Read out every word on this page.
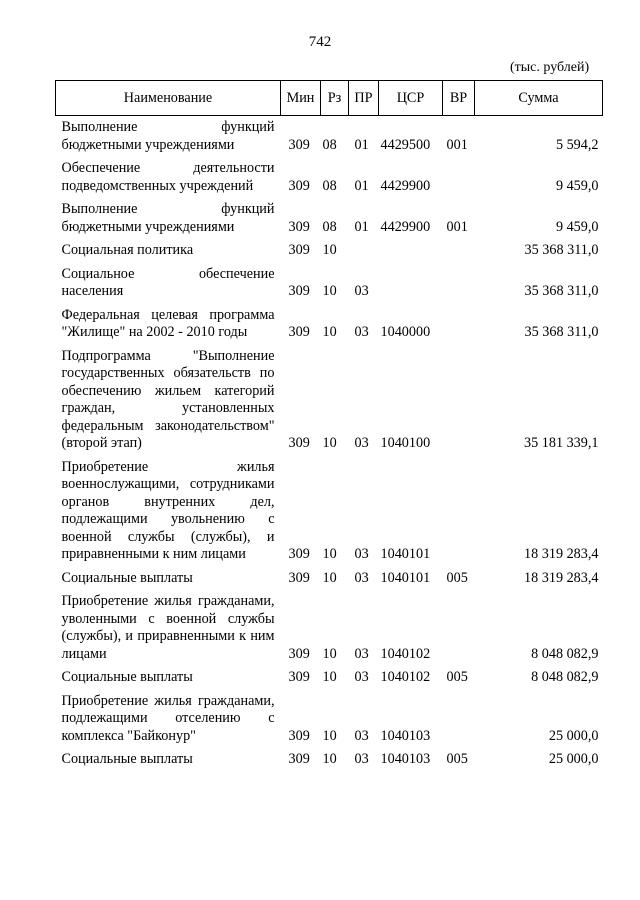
742
(тыс. рублей)
Наименование	Мин	Рз	ПР	ЦСР	ВР	Сумма
Выполнение функций бюджетными учреждениями	309	08	01	4429500	001	5 594,2
Обеспечение деятельности подведомственных учреждений	309	08	01	4429900		9 459,0
Выполнение функций бюджетными учреждениями	309	08	01	4429900	001	9 459,0
Социальная политика	309	10				35 368 311,0
Социальное обеспечение населения	309	10	03			35 368 311,0
Федеральная целевая программа "Жилище" на 2002 - 2010 годы	309	10	03	1040000		35 368 311,0
Подпрограмма "Выполнение государственных обязательств по обеспечению жильем категорий граждан, установленных федеральным законодательством" (второй этап)	309	10	03	1040100		35 181 339,1
Приобретение жилья военнослужащими, сотрудниками органов внутренних дел, подлежащими увольнению с военной службы (службы), и приравненными к ним лицами	309	10	03	1040101		18 319 283,4
Социальные выплаты	309	10	03	1040101	005	18 319 283,4
Приобретение жилья гражданами, уволенными с военной службы (службы), и приравненными к ним лицами	309	10	03	1040102		8 048 082,9
Социальные выплаты	309	10	03	1040102	005	8 048 082,9
Приобретение жилья гражданами, подлежащими отселению с комплекса "Байконур"	309	10	03	1040103		25 000,0
Социальные выплаты	309	10	03	1040103	005	25 000,0
